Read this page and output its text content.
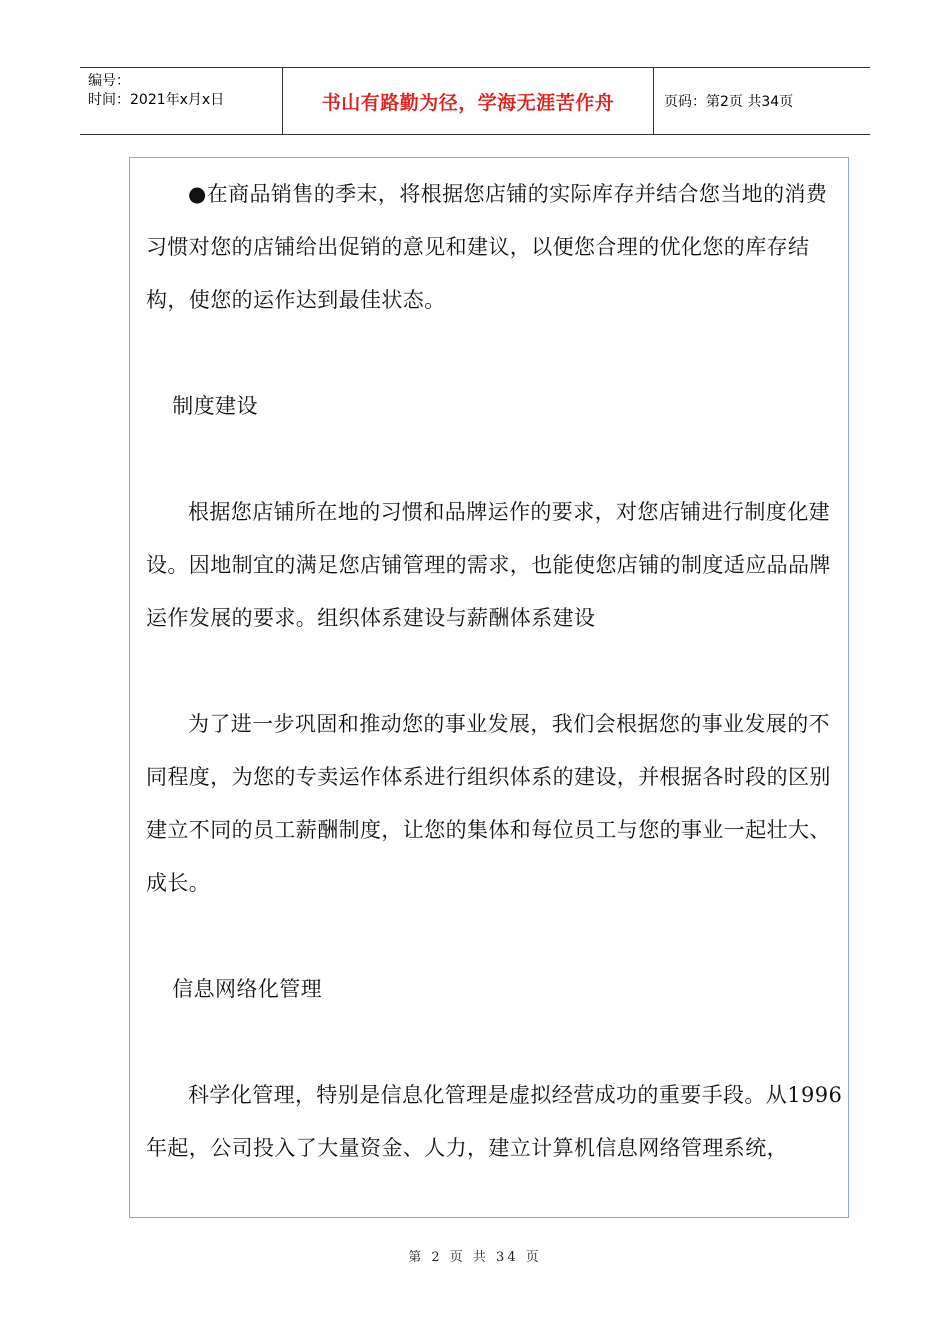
编号：
时间：2021年x月x日	书山有路勤为径，学海无涯苦作舟	页码：第2页 共34页

●在商品销售的季末，将根据您店铺的实际库存并结合您当地的消费习惯对您的店铺给出促销的意见和建议，以便您合理的优化您的库存结构，使您的运作达到最佳状态。

制度建设

根据您店铺所在地的习惯和品牌运作的要求，对您店铺进行制度化建设。因地制宜的满足您店铺管理的需求，也能使您店铺的制度适应品品牌运作发展的要求。组织体系建设与薪酬体系建设

为了进一步巩固和推动您的事业发展，我们会根据您的事业发展的不同程度，为您的专卖运作体系进行组织体系的建设，并根据各时段的区别建立不同的员工薪酬制度，让您的集体和每位员工与您的事业一起壮大、成长。

信息网络化管理

科学化管理，特别是信息化管理是虚拟经营成功的重要手段。从1996年起，公司投入了大量资金、人力，建立计算机信息网络管理系统，

第 2 页 共 34 页
